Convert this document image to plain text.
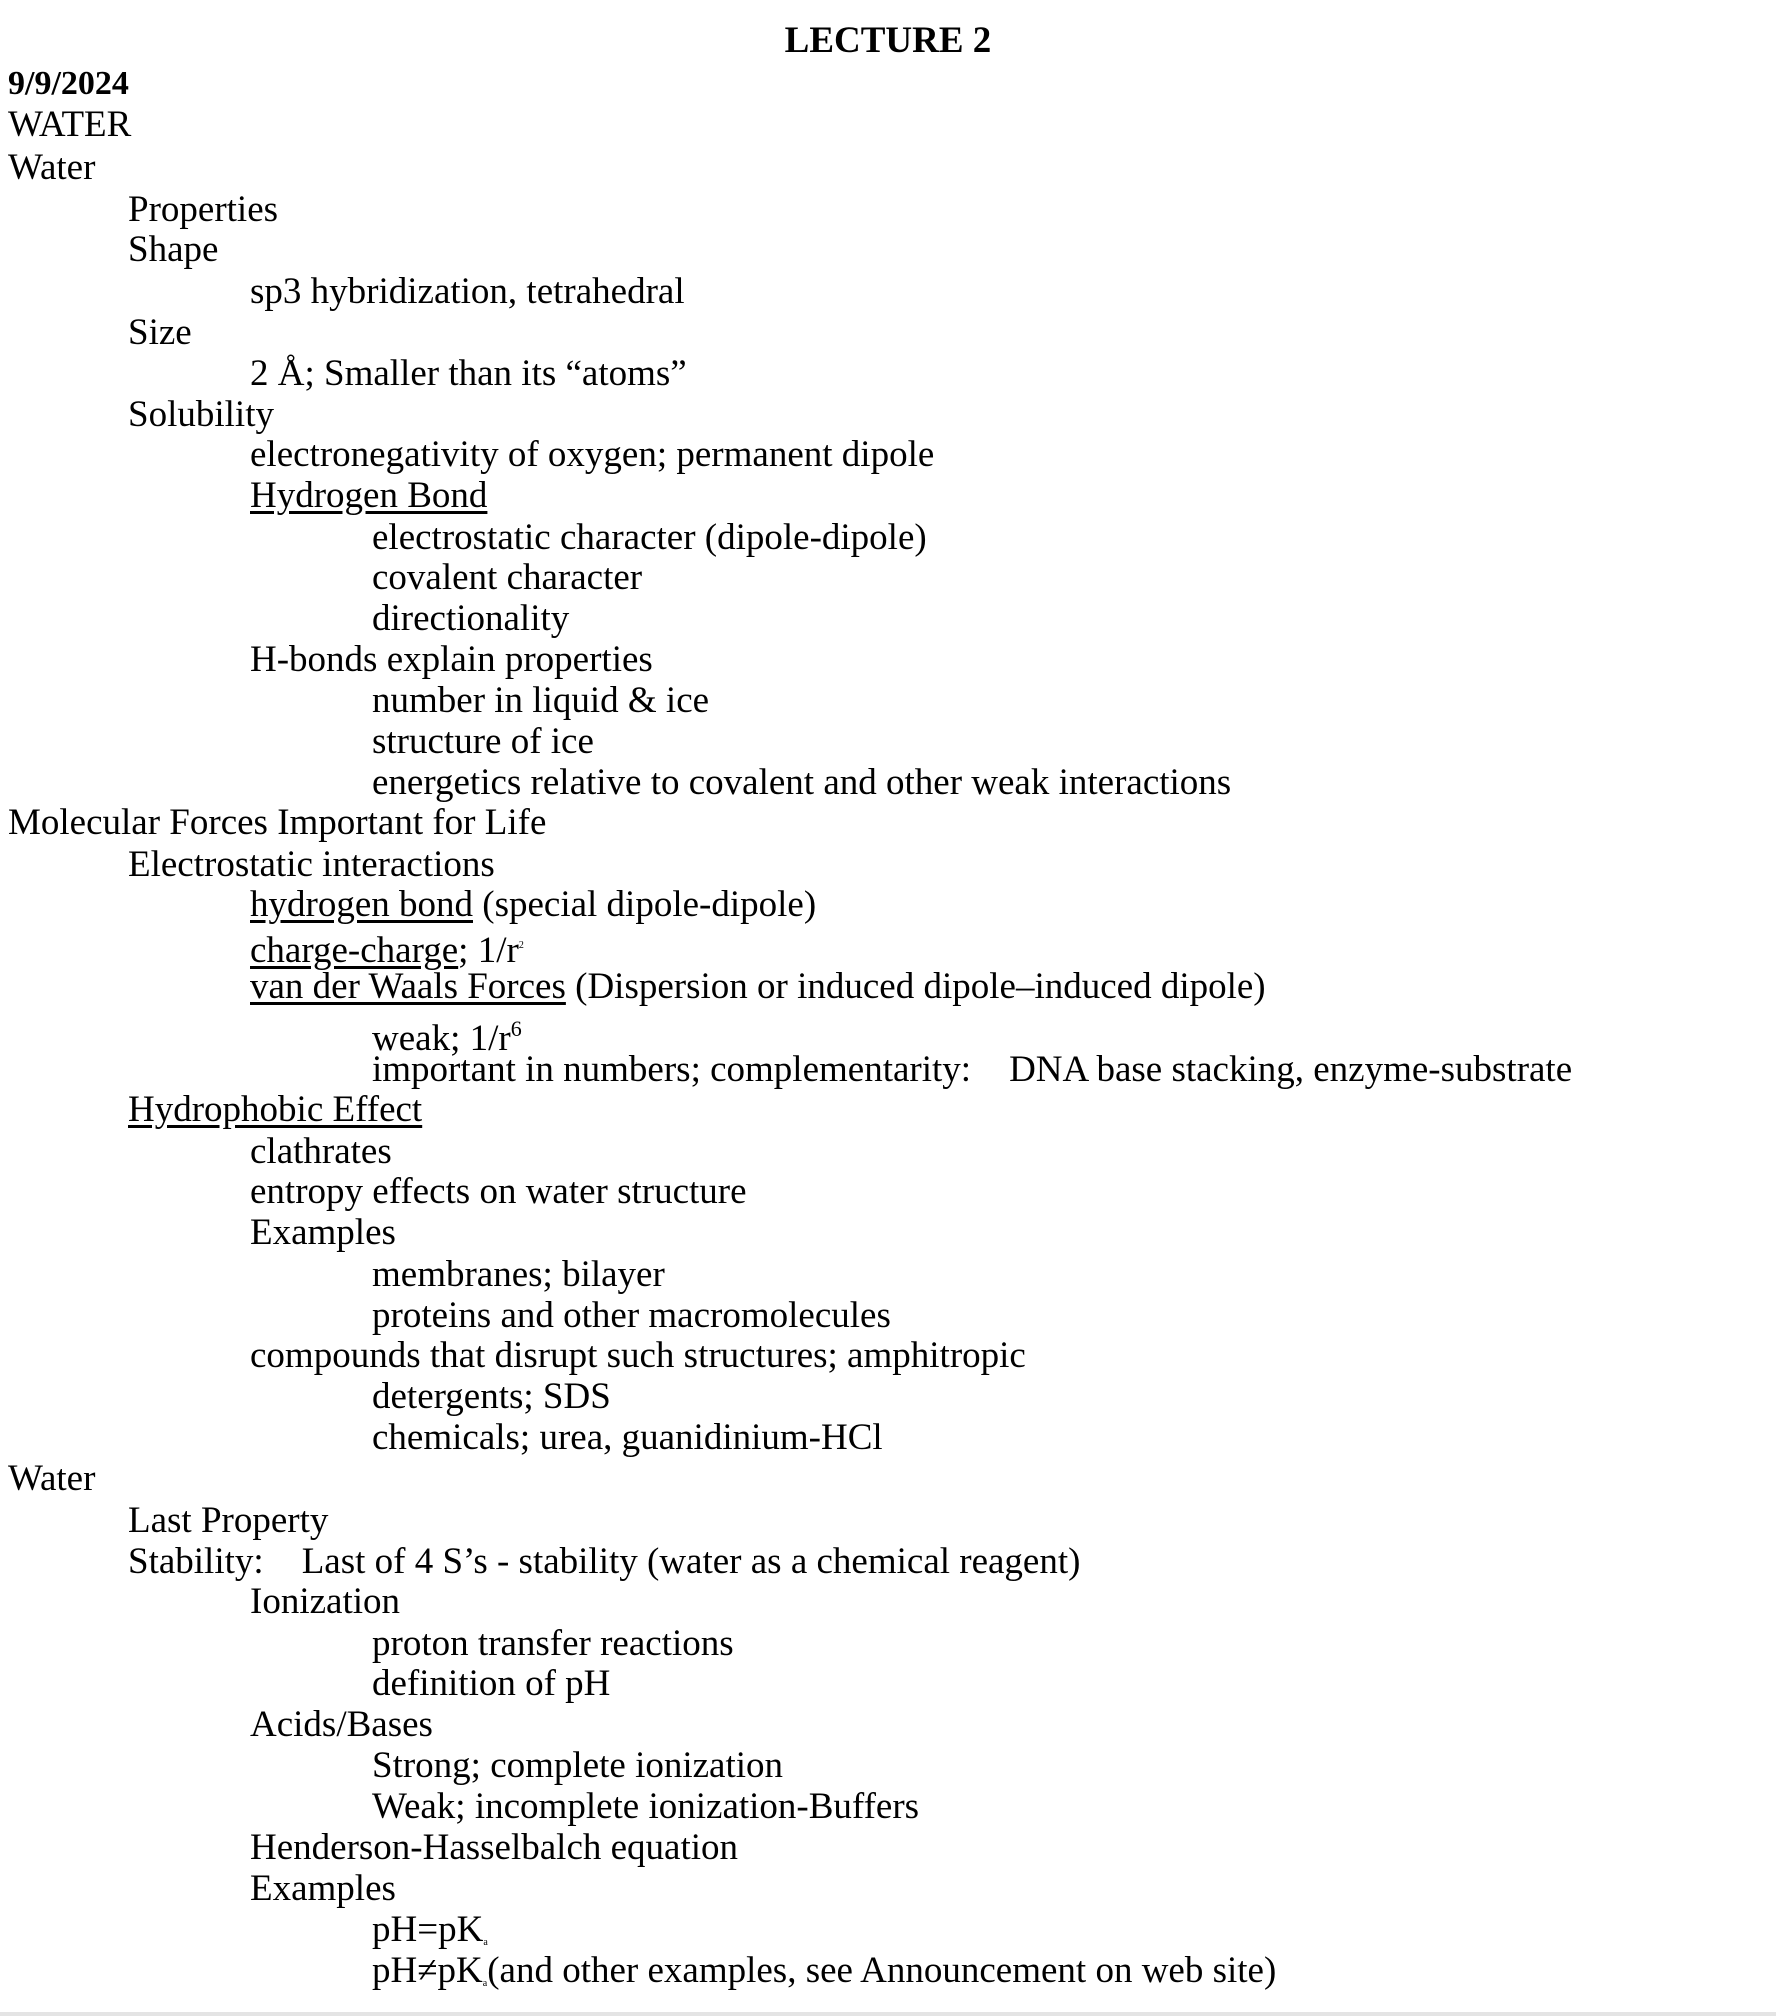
LECTURE 2
9/9/2024
WATER
Water
Properties
Shape
sp3 hybridization, tetrahedral
Size
2 Å; Smaller than its “atoms”
Solubility
electronegativity of oxygen; permanent dipole
Hydrogen Bond
electrostatic character (dipole-dipole)
covalent character
directionality
H-bonds explain properties
number in liquid & ice
structure of ice
energetics relative to covalent and other weak interactions
Molecular Forces Important for Life
Electrostatic interactions
hydrogen bond (special dipole-dipole)
charge-charge; $1/r^2$
van der Waals Forces (Dispersion or induced dipole–induced dipole)
weak; $1/r^6$
important in numbers; complementarity: DNA base stacking, enzyme-substrate
Hydrophobic Effect
clathrates
entropy effects on water structure
Examples
membranes; bilayer
proteins and other macromolecules
compounds that disrupt such structures; amphitropic
detergents; SDS
chemicals; urea, guanidinium-HCl
Water
Last Property
Stability: Last of 4 S’s - stability (water as a chemical reagent)
Ionization
proton transfer reactions
definition of pH
Acids/Bases
Strong; complete ionization
Weak; incomplete ionization-Buffers
Henderson-Hasselbalch equation
Examples
$pH=pK_a$
$pH\ne pK_a(and$ other examples, see Announcement on web site)
